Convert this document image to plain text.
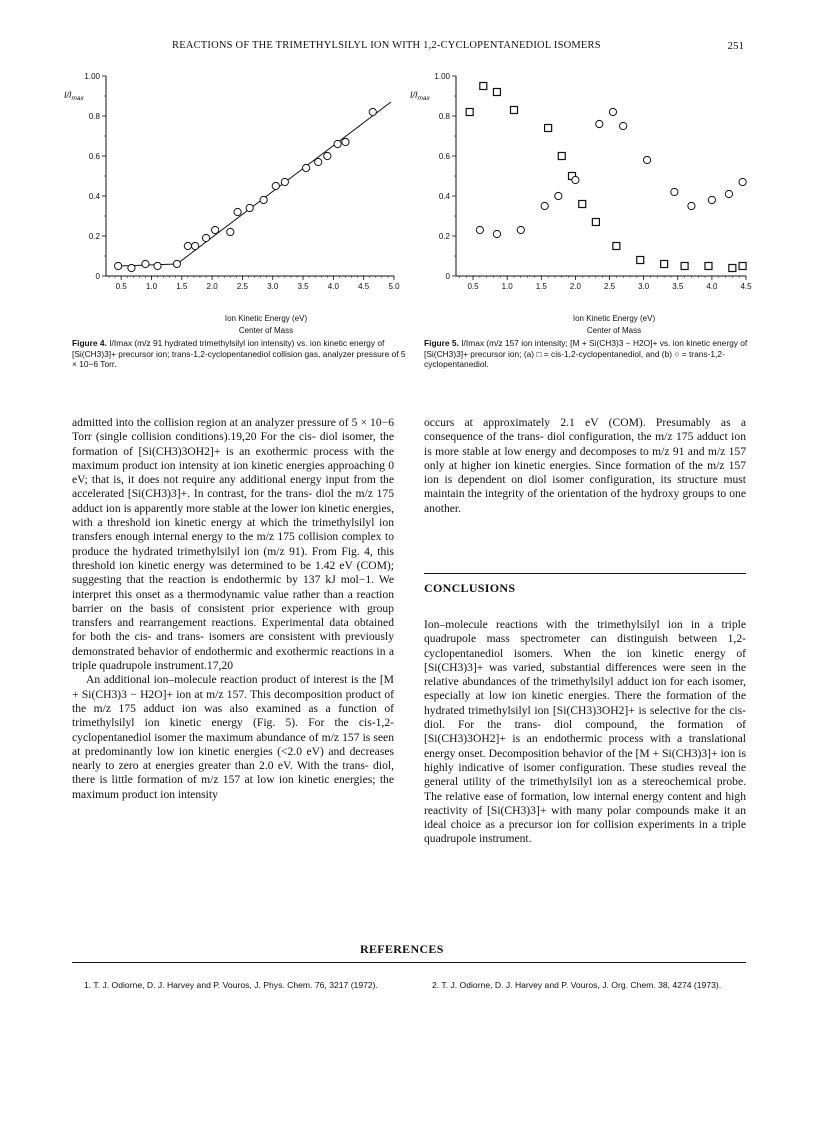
REACTIONS OF THE TRIMETHYLSILYL ION WITH 1,2-CYCLOPENTANEDIOL ISOMERS	251
$I/I_{max}$
0.5 1.0 1.5 2.0 2.5 3.0 3.5 4.0 4.5 5.0
0
0.2
0.4
0.6
0.8
1.00
Ion Kinetic Energy (eV)
Center of Mass
Figure 4. I/Imax (m/z 91 hydrated trimethylsilyl ion intensity) vs. ion kinetic energy of [Si(CH3)3]+ precursor ion; trans-1,2-cyclopentanediol collision gas, analyzer pressure of 5 × 10−6 Torr.
$I/I_{max}$
0.5	1.0	1.5	2.0	2.5	3.0	3.5	4.0	4.5
0
0.2
0.4
0.6
0.8
1.00
Ion Kinetic Energy (eV)
Center of Mass
Figure 5. I/Imax (m/z 157 ion intensity; [M + Si(CH3)3 − H2O]+ vs. ion kinetic energy of [Si(CH3)3]+ precursor ion; (a) □ = cis-1,2-cyclopentanediol, and (b) ○ = trans-1,2-cyclopentanediol.

admitted into the collision region at an analyzer pressure of 5 × 10−6 Torr (single collision conditions).19,20 For the cis- diol isomer, the formation of [Si(CH3)3OH2]+ is an exothermic process with the maximum product ion intensity at ion kinetic energies approaching 0 eV; that is, it does not require any additional energy input from the accelerated [Si(CH3)3]+. In contrast, for the trans- diol the m/z 175 adduct ion is apparently more stable at the lower ion kinetic energies, with a threshold ion kinetic energy at which the trimethylsilyl ion transfers enough internal energy to the m/z 175 collision complex to produce the hydrated trimethylsilyl ion (m/z 91). From Fig. 4, this threshold ion kinetic energy was determined to be 1.42 eV (COM); suggesting that the reaction is endothermic by 137 kJ mol−1. We interpret this onset as a thermodynamic value rather than a reaction barrier on the basis of consistent prior experience with group transfers and rearrangement reactions. Experimental data obtained for both the cis- and trans- isomers are consistent with previously demonstrated behavior of endothermic and exothermic reactions in a triple quadrupole instrument.17,20

An additional ion–molecule reaction product of interest is the [M + Si(CH3)3 − H2O]+ ion at m/z 157. This decomposition product of the m/z 175 adduct ion was also examined as a function of trimethylsilyl ion kinetic energy (Fig. 5). For the cis-1,2-cyclopentanediol isomer the maximum abundance of m/z 157 is seen at predominantly low ion kinetic energies (<2.0 eV) and decreases nearly to zero at energies greater than 2.0 eV. With the trans- diol, there is little formation of m/z 157 at low ion kinetic energies; the maximum product ion intensity

occurs at approximately 2.1 eV (COM). Presumably as a consequence of the trans- diol configuration, the m/z 175 adduct ion is more stable at low energy and decomposes to m/z 91 and m/z 157 only at higher ion kinetic energies. Since formation of the m/z 157 ion is dependent on diol isomer configuration, its structure must maintain the integrity of the orientation of the hydroxy groups to one another.

CONCLUSIONS

Ion–molecule reactions with the trimethylsilyl ion in a triple quadrupole mass spectrometer can distinguish between 1,2-cyclopentanediol isomers. When the ion kinetic energy of [Si(CH3)3]+ was varied, substantial differences were seen in the relative abundances of the trimethylsilyl adduct ion for each isomer, especially at low ion kinetic energies. There the formation of the hydrated trimethylsilyl ion [Si(CH3)3OH2]+ is selective for the cis-diol. For the trans- diol compound, the formation of [Si(CH3)3OH2]+ is an endothermic process with a translational energy onset. Decomposition behavior of the [M + Si(CH3)3]+ ion is highly indicative of isomer configuration. These studies reveal the general utility of the trimethylsilyl ion as a stereochemical probe. The relative ease of formation, low internal energy content and high reactivity of [Si(CH3)3]+ with many polar compounds make it an ideal choice as a precursor ion for collision experiments in a triple quadrupole instrument.

REFERENCES
1. T. J. Odiorne, D. J. Harvey and P. Vouros, J. Phys. Chem. 76, 3217 (1972).	2. T. J. Odiorne, D. J. Harvey and P. Vouros, J. Org. Chem. 38, 4274 (1973).
